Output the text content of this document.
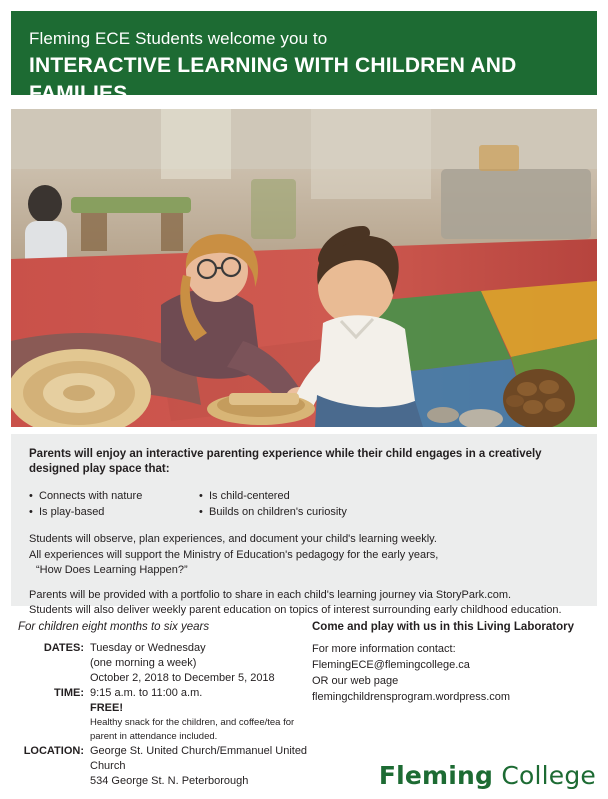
Fleming ECE Students welcome you to
INTERACTIVE LEARNING WITH CHILDREN AND FAMILIES
Parents will enjoy an interactive parenting experience while their child engages in a creatively designed play space that:
• Connects with nature
• Is play-based
• Is child-centered
• Builds on children's curiosity
Students will observe, plan experiences, and document your child's learning weekly.
All experiences will support the Ministry of Education's pedagogy for the early years,
“How Does Learning Happen?”
Parents will be provided with a portfolio to share in each child's learning journey via StoryPark.com.
Students will also deliver weekly parent education on topics of interest surrounding early childhood education.
For children eight months to six years	Come and play with us in this Living Laboratory
DATES: Tuesday or Wednesday
(one morning a week)
October 2, 2018 to December 5, 2018
TIME: 9:15 a.m. to 11:00 a.m.
FREE!
Healthy snack for the children, and coffee/tea for parent in attendance included.
LOCATION: George St. United Church/Emmanuel United Church
534 George St. N. Peterborough
For more information contact:
FlemingECE@flemingcollege.ca
OR our web page
flemingchildrensprogram.wordpress.com
Fleming College
